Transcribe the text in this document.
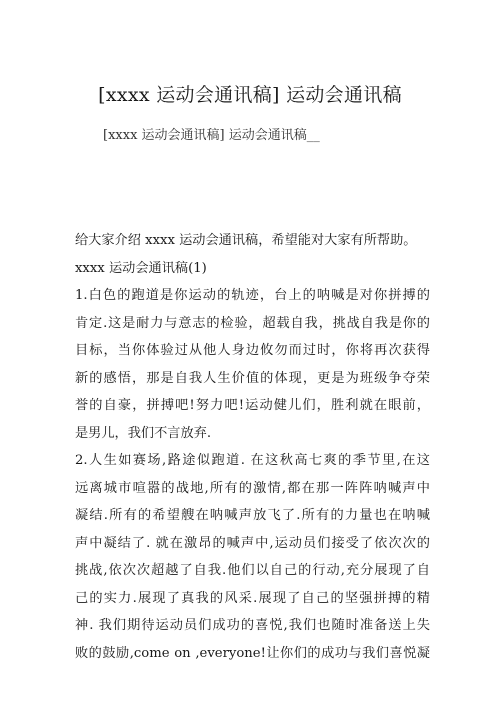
[xxxx 运动会通讯稿] 运动会通讯稿
[xxxx 运动会通讯稿] 运动会通讯稿__
给大家介绍 xxxx 运动会通讯稿，希望能对大家有所帮助。
xxxx 运动会通讯稿(1)
1.白色的跑道是你运动的轨迹，台上的呐喊是对你拼搏的
肯定.这是耐力与意志的检验，超载自我，挑战自我是你的
目标，当你体验过从他人身边攸勿而过时，你将再次获得
新的感悟，那是自我人生价值的体现，更是为班级争夺荣
誉的自豪，拼搏吧!努力吧!运动健儿们，胜利就在眼前，
是男儿，我们不言放弃.
2.人生如赛场,路途似跑道. 在这秋高七爽的季节里,在这
远离城市喧嚣的战地,所有的激情,都在那一阵阵呐喊声中
凝结.所有的希望艘在呐喊声放飞了.所有的力量也在呐喊
声中凝结了. 就在激昂的喊声中,运动员们接受了依次次的
挑战,依次次超越了自我.他们以自己的行动,充分展现了自
己的实力.展现了真我的风采.展现了自己的坚强拼搏的精
神. 我们期待运动员们成功的喜悦,我们也随时准备送上失
败的鼓励,come on ,everyone!让你们的成功与我们喜悦凝
